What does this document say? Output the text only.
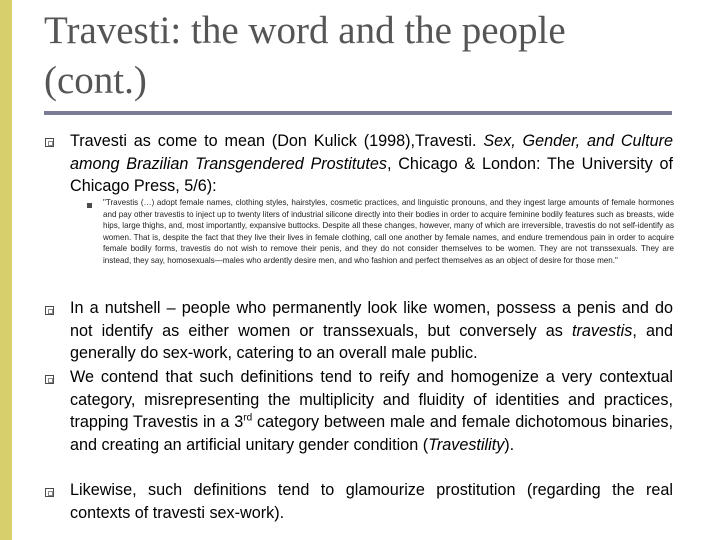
Travesti: the word and the people
(cont.)

Travesti as come to mean (Don Kulick (1998),Travesti. Sex, Gender, and Culture among Brazilian Transgendered Prostitutes, Chicago & London: The University of Chicago Press, 5/6):

"Travestis (…) adopt female names, clothing styles, hairstyles, cosmetic practices, and linguistic pronouns, and they ingest large amounts of female hormones and pay other travestis to inject up to twenty liters of industrial silicone directly into their bodies in order to acquire feminine bodily features such as breasts, wide hips, large thighs, and, most importantly, expansive buttocks. Despite all these changes, however, many of which are irreversible, travestis do not self-identify as women. That is, despite the fact that they live their lives in female clothing, call one another by female names, and endure tremendous pain in order to acquire female bodily forms, travestis do not wish to remove their penis, and they do not consider themselves to be women. They are not transsexuals. They are instead, they say, homosexuals—males who ardently desire men, and who fashion and perfect themselves as an object of desire for those men."

In a nutshell – people who permanently look like women, possess a penis and do not identify as either women or transsexuals, but conversely as travestis, and generally do sex-work, catering to an overall male public.

We contend that such definitions tend to reify and homogenize a very contextual category, misrepresenting the multiplicity and fluidity of identities and practices, trapping Travestis in a 3rd category between male and female dichotomous binaries, and creating an artificial unitary gender condition (Travestility).

Likewise, such definitions tend to glamourize prostitution (regarding the real contexts of travesti sex-work).
